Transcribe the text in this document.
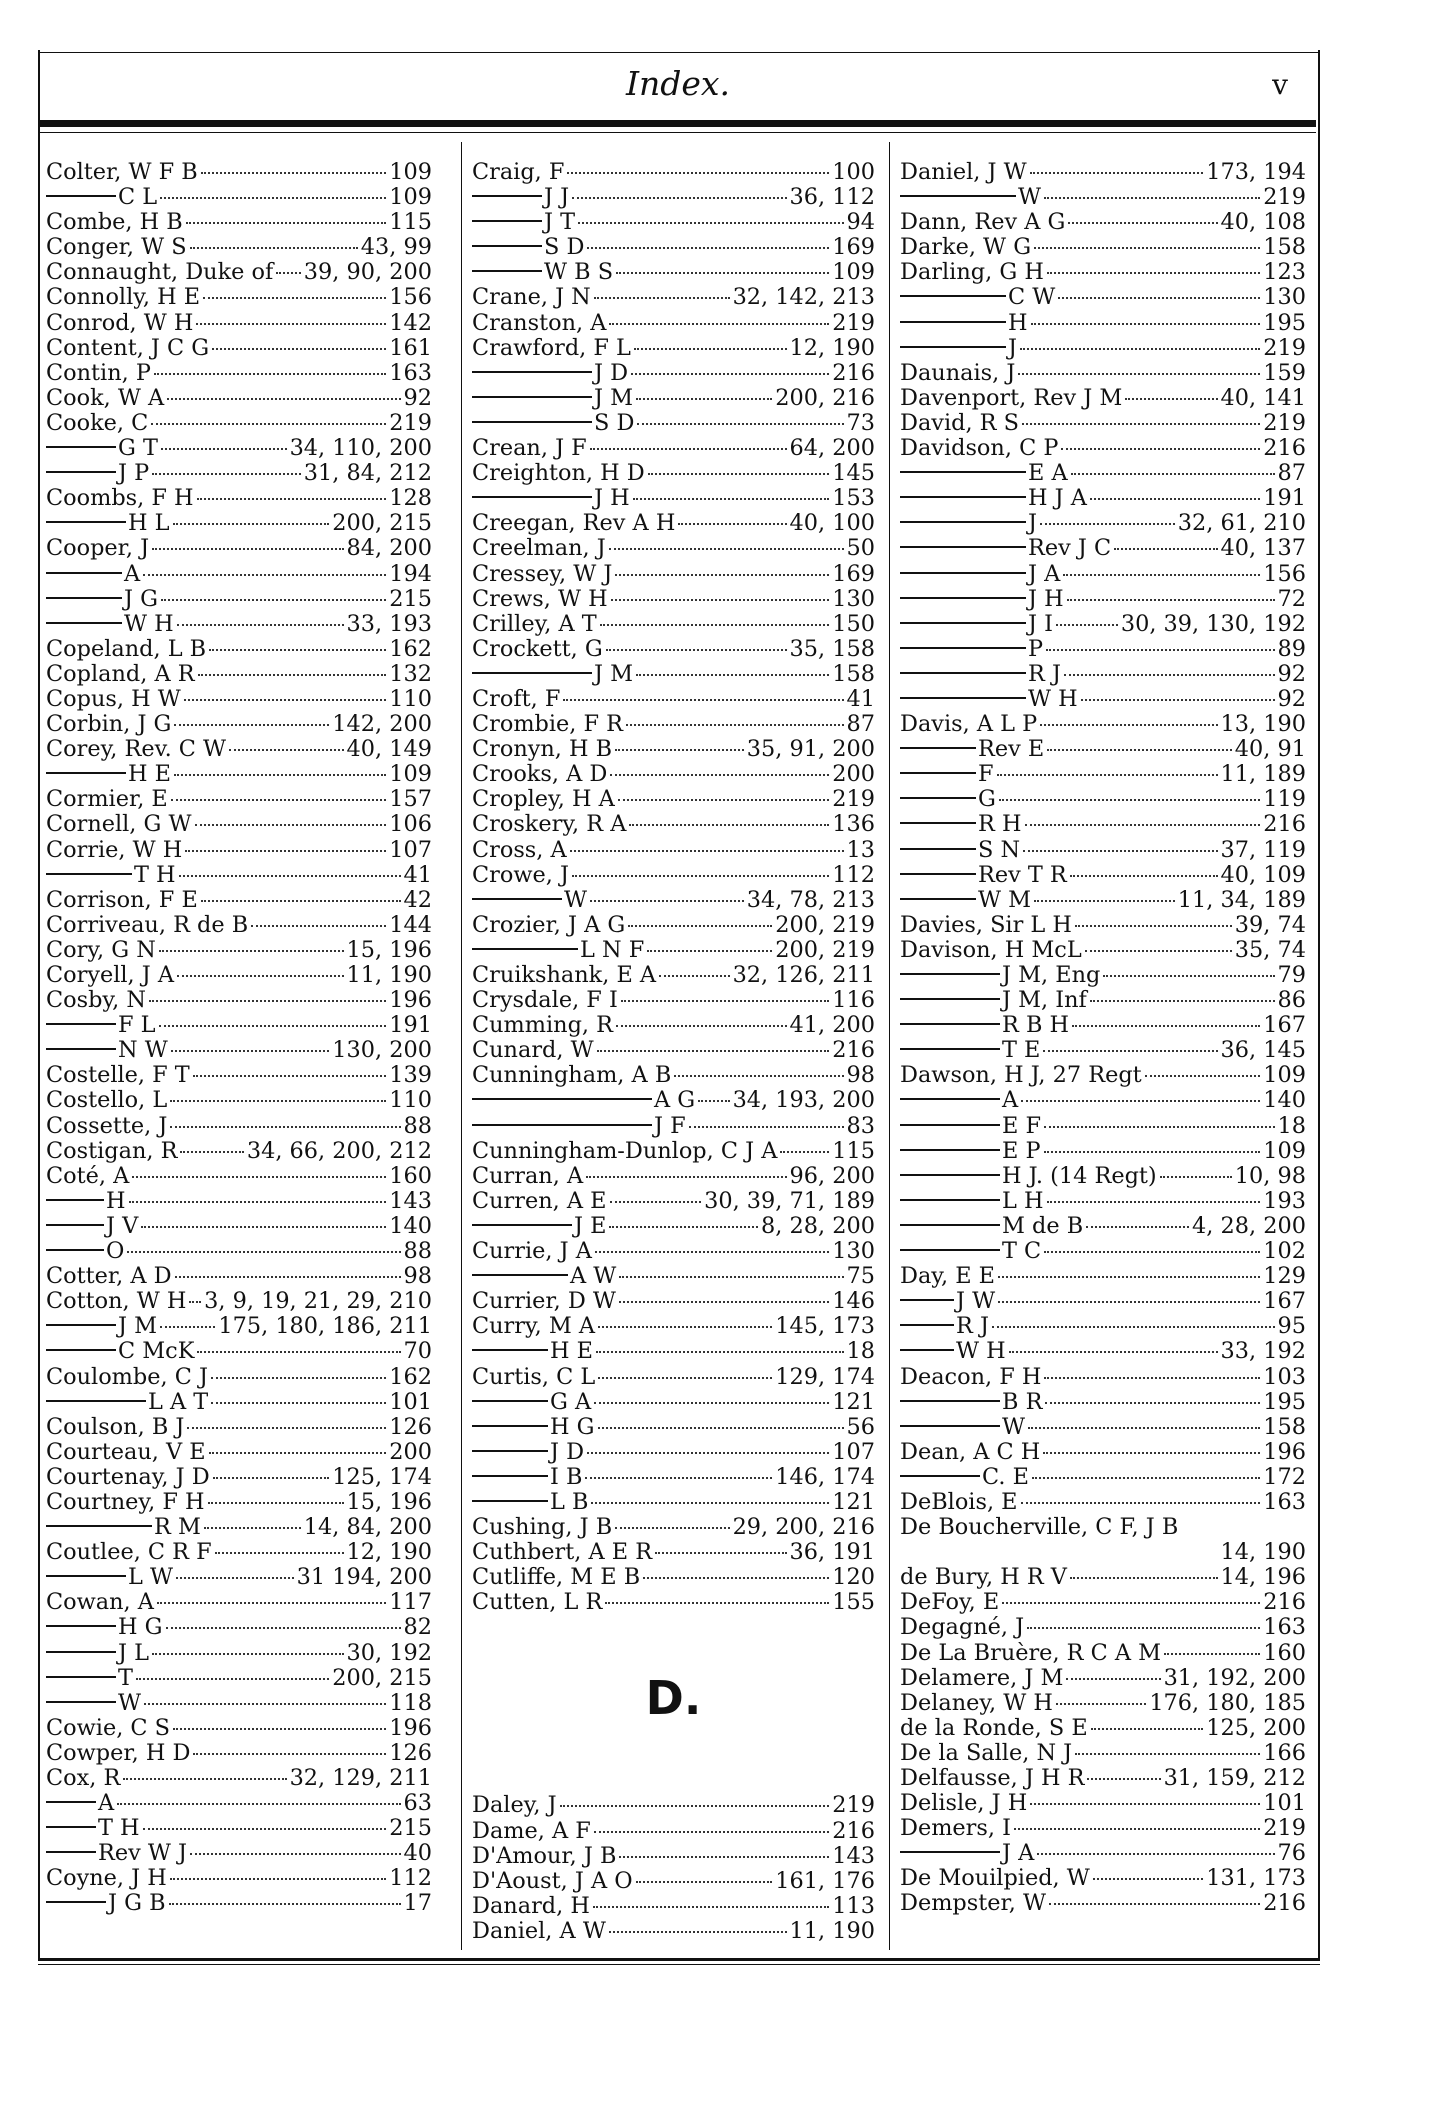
Index.	v
Colter, W F B	109
C L	109
Combe, H B	115
Conger, W S	43, 99
Connaught, Duke of 39, 90, 200
Connolly, H E	156
Conrod, W H	142
Content, J C G	161
Contin, P	163
Cook, W A	92
Cooke, C	219
G T	34, 110, 200
J P	31, 84, 212
Coombs, F H	128
H L	200, 215
Cooper, J	84, 200
A	194
J G	215
W H	33, 193
Copeland, L B	162
Copland, A R	132
Copus, H W	110
Corbin, J G	142, 200
Corey, Rev. C W	40, 149
H E	109
Cormier, E	157
Cornell, G W	106
Corrie, W H	107
T H	41
Corrison, F E	42
Corriveau, R de B	144
Cory, G N	15, 196
Coryell, J A	11, 190
Cosby, N	196
F L	191
N W	130, 200
Costelle, F T	139
Costello, L	110
Cossette, J	88
Costigan, R	34, 66, 200, 212
Coté, A	160
H	143
J V	140
O	88
Cotter, A D	98
Cotton, W H 3, 9, 19, 21, 29, 210
J M	175, 180, 186, 211
C McK	70
Coulombe, C J	162
L A T	101
Coulson, B J	126
Courteau, V E	200
Courtenay, J D	125, 174
Courtney, F H	15, 196
R M	14, 84, 200
Coutlee, C R F	12, 190
L W	31 194, 200
Cowan, A	117
H G	82
J L	30, 192
T	200, 215
W	118
Cowie, C S	196
Cowper, H D	126
Cox, R	32, 129, 211
A	63
T H	215
Rev W J	40
Coyne, J H	112
J G B	17
Craig, F	100
J J	36, 112
J T	94
S D	169
W B S	109
Crane, J N	32, 142, 213
Cranston, A	219
Crawford, F L	12, 190
J D	216
J M	200, 216
S D	73
Crean, J F	64, 200
Creighton, H D	145
J H	153
Creegan, Rev A H	40, 100
Creelman, J	50
Cressey, W J	169
Crews, W H	130
Crilley, A T	150
Crockett, G	35, 158
J M	158
Croft, F	41
Crombie, F R	87
Cronyn, H B	35, 91, 200
Crooks, A D	200
Cropley, H A	219
Croskery, R A	136
Cross, A	13
Crowe, J	112
W	34, 78, 213
Crozier, J A G	200, 219
L N F	200, 219
Cruikshank, E A	32, 126, 211
Crysdale, F I	116
Cumming, R	41, 200
Cunard, W	216
Cunningham, A B	98
A G 34, 193, 200
J F	83
Cunningham-Dunlop, C J A 115
Curran, A	96, 200
Curren, A E	30, 39, 71, 189
J E	8, 28, 200
Currie, J A	130
A W	75
Currier, D W	146
Curry, M A	145, 173
H E	18
Curtis, C L	129, 174
G A	121
H G	56
J D	107
I B	146, 174
L B	121
Cushing, J B	29, 200, 216
Cuthbert, A E R	36, 191
Cutliffe, M E B	120
Cutten, L R	155
D.
Daley, J	219
Dame, A F	216
D'Amour, J B	143
D'Aoust, J A O	161, 176
Danard, H	113
Daniel, A W	11, 190
Daniel, J W	173, 194
W	219
Dann, Rev A G	40, 108
Darke, W G	158
Darling, G H	123
C W	130
H	195
J	219
Daunais, J	159
Davenport, Rev J M	40, 141
David, R S	219
Davidson, C P	216
E A	87
H J A	191
J	32, 61, 210
Rev J C	40, 137
J A	156
J H	72
J I	30, 39, 130, 192
P	89
R J	92
W H	92
Davis, A L P	13, 190
Rev E	40, 91
F	11, 189
G	119
R H	216
S N	37, 119
Rev T R	40, 109
W M	11, 34, 189
Davies, Sir L H	39, 74
Davison, H McL	35, 74
J M, Eng	79
J M, Inf	86
R B H	167
T E	36, 145
Dawson, H J, 27 Regt	109
A	140
E F	18
E P	109
H J. (14 Regt)	10, 98
L H	193
M de B	4, 28, 200
T C	102
Day, E E	129
J W	167
R J	95
W H	33, 192
Deacon, F H	103
B R	195
W	158
Dean, A C H	196
C. E	172
DeBlois, E	163
De Boucherville, C F, J B
14, 190
de Bury, H R V	14, 196
DeFoy, E	216
Degagné, J	163
De La Bruère, R C A M	160
Delamere, J M	31, 192, 200
Delaney, W H	176, 180, 185
de la Ronde, S E	125, 200
De la Salle, N J	166
Delfausse, J H R	31, 159, 212
Delisle, J H	101
Demers, I	219
J A	76
De Mouilpied, W	131, 173
Dempster, W	216
